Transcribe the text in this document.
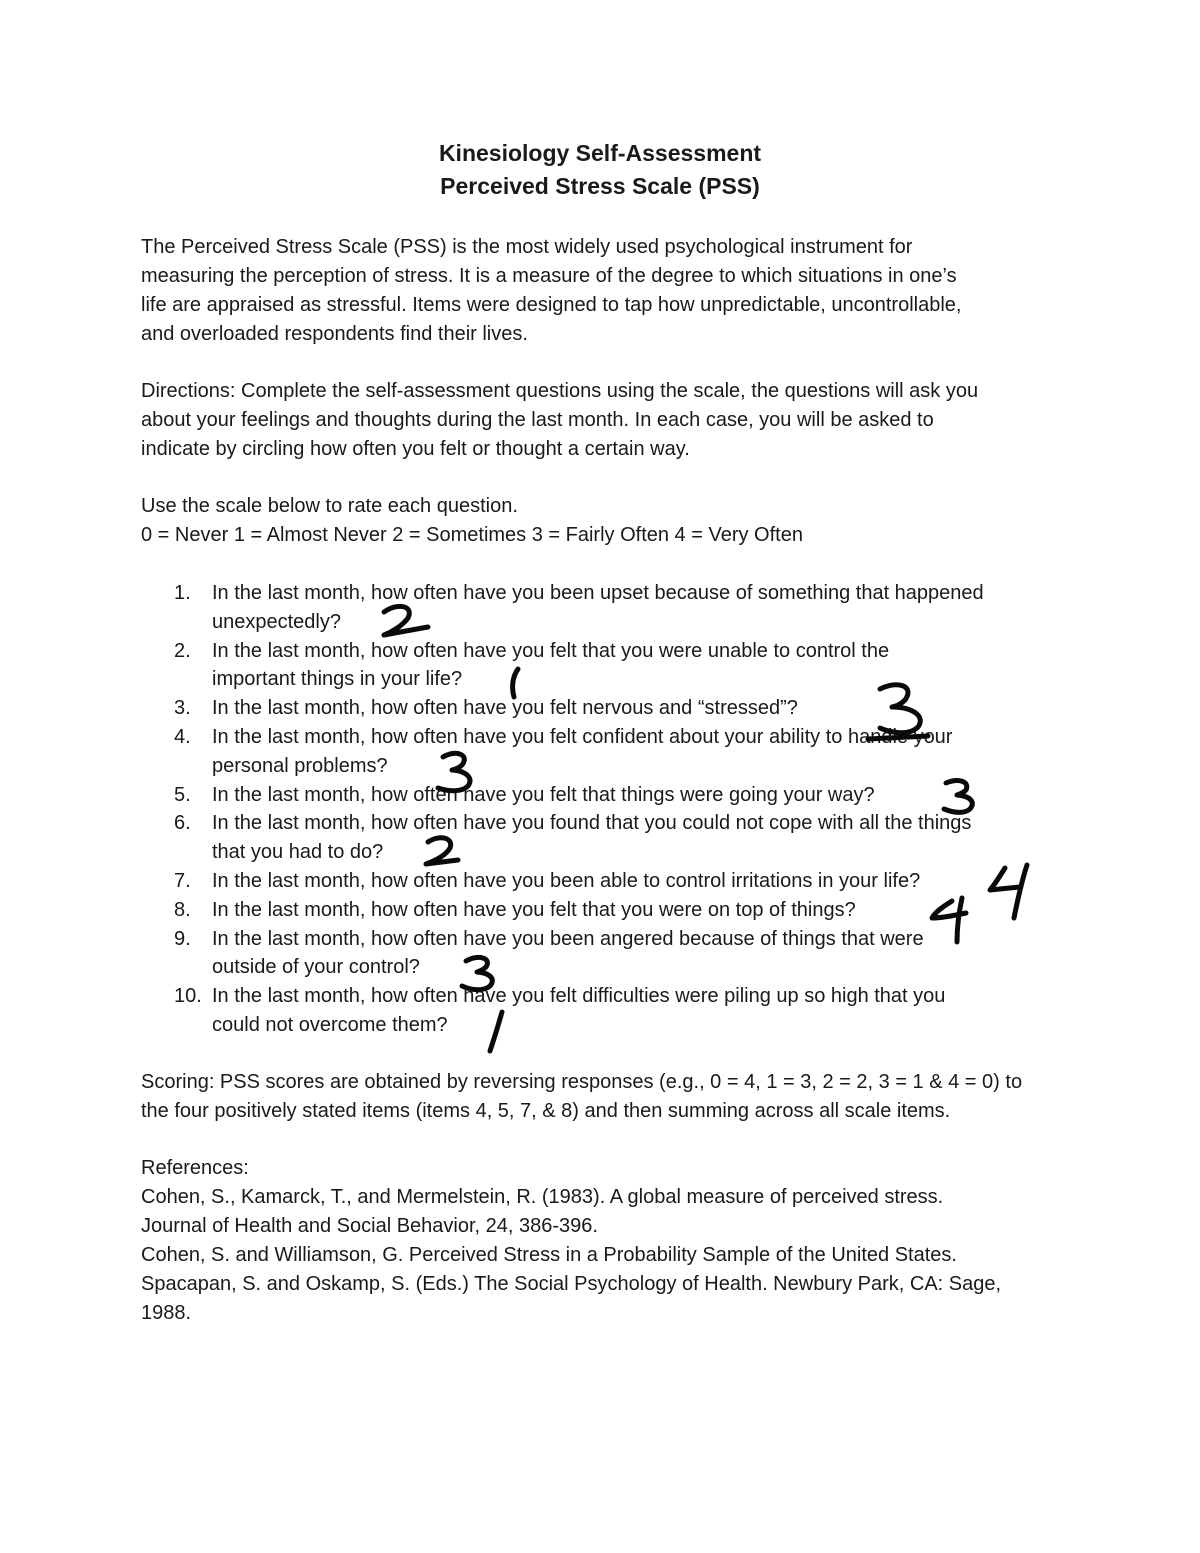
Kinesiology Self-Assessment
Perceived Stress Scale (PSS)
The Perceived Stress Scale (PSS) is the most widely used psychological instrument for
measuring the perception of stress. It is a measure of the degree to which situations in one’s
life are appraised as stressful. Items were designed to tap how unpredictable, uncontrollable,
and overloaded respondents find their lives.
Directions: Complete the self-assessment questions using the scale, the questions will ask you
about your feelings and thoughts during the last month. In each case, you will be asked to
indicate by circling how often you felt or thought a certain way.
Use the scale below to rate each question.
0 = Never 1 = Almost Never 2 = Sometimes 3 = Fairly Often 4 = Very Often
1.	In the last month, how often have you been upset because of something that happened
unexpectedly?
2.	In the last month, how often have you felt that you were unable to control the
important things in your life?
3.	In the last month, how often have you felt nervous and “stressed”?
4.	In the last month, how often have you felt confident about your ability to handle your
personal problems?
5.	In the last month, how often have you felt that things were going your way?
6.	In the last month, how often have you found that you could not cope with all the things
that you had to do?
7.	In the last month, how often have you been able to control irritations in your life?
8.	In the last month, how often have you felt that you were on top of things?
9.	In the last month, how often have you been angered because of things that were
outside of your control?
10. In the last month, how often have you felt difficulties were piling up so high that you
could not overcome them?
Scoring: PSS scores are obtained by reversing responses (e.g., 0 = 4, 1 = 3, 2 = 2, 3 = 1 & 4 = 0) to
the four positively stated items (items 4, 5, 7, & 8) and then summing across all scale items.
References:
Cohen, S., Kamarck, T., and Mermelstein, R. (1983). A global measure of perceived stress.
Journal of Health and Social Behavior, 24, 386-396.
Cohen, S. and Williamson, G. Perceived Stress in a Probability Sample of the United States.
Spacapan, S. and Oskamp, S. (Eds.) The Social Psychology of Health. Newbury Park, CA: Sage,
1988.
